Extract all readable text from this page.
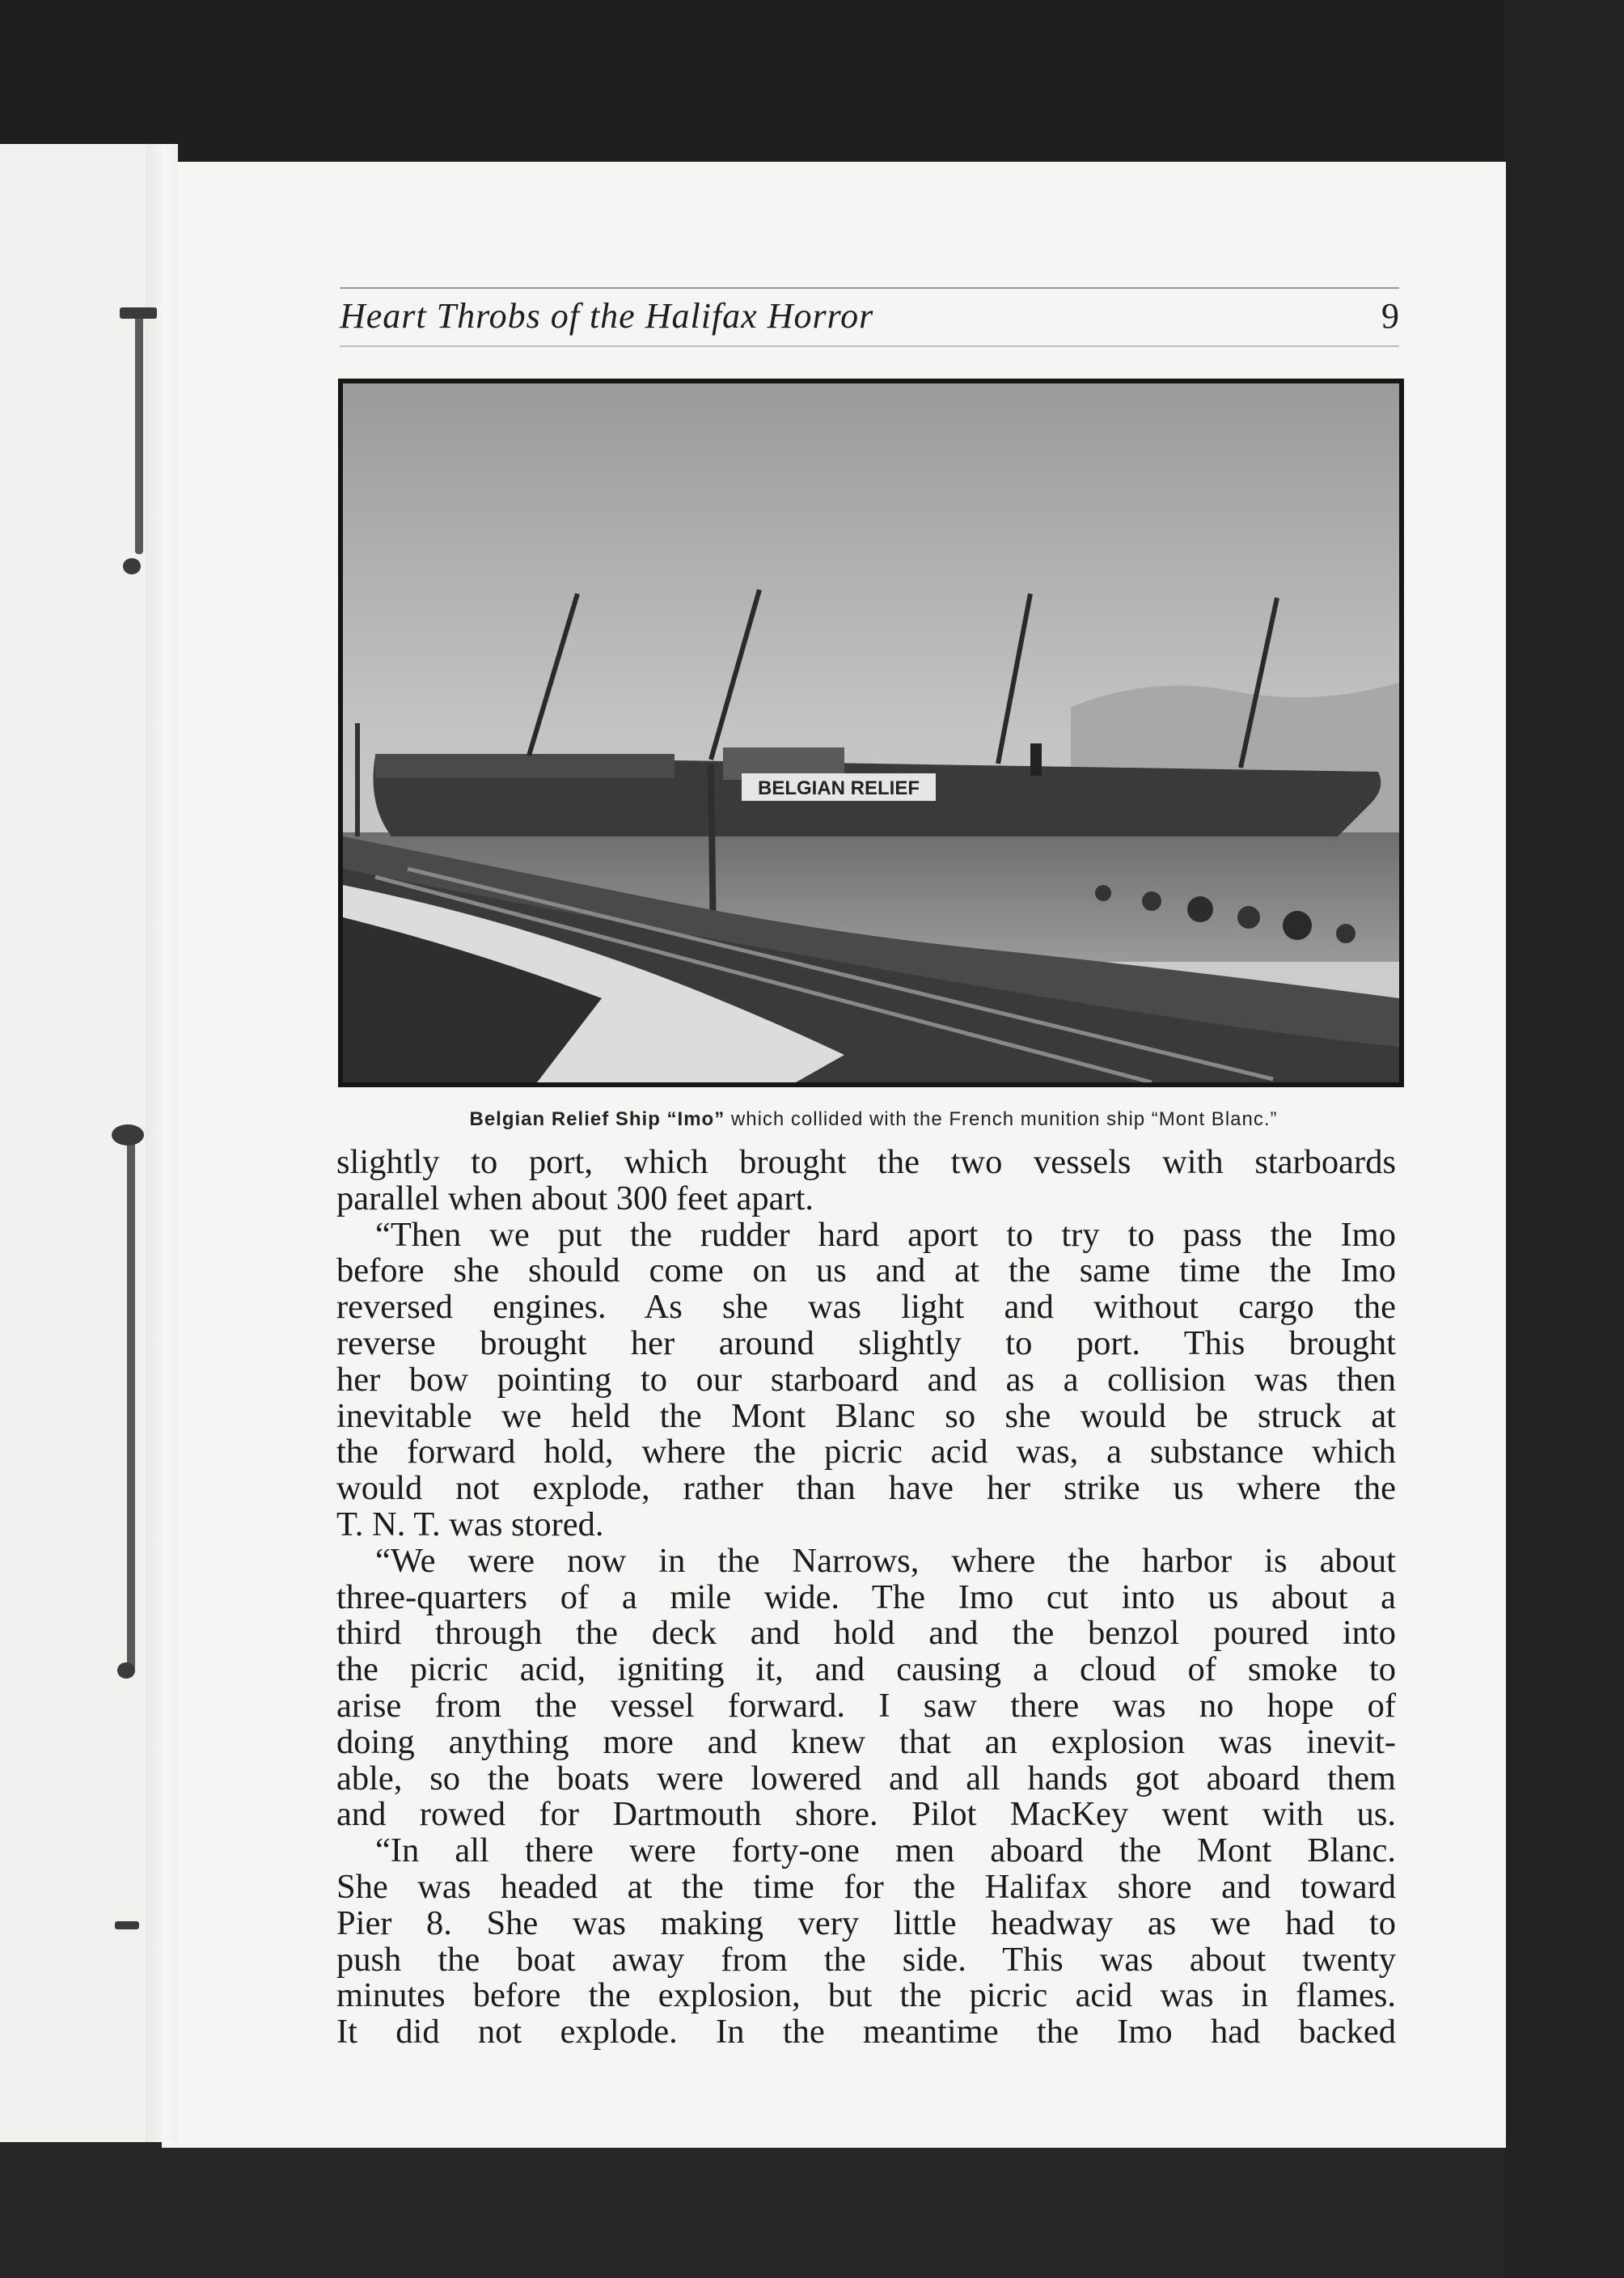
Heart Throbs of the Halifax Horror	9
BELGIAN RELIEF
Belgian Relief Ship “Imo” which collided with the French munition ship “Mont Blanc.”
slightly to port, which brought the two vessels with starboards
parallel when about 300 feet apart.
“Then we put the rudder hard aport to try to pass the Imo
before she should come on us and at the same time the Imo
reversed engines. As she was light and without cargo the
reverse brought her around slightly to port. This brought
her bow pointing to our starboard and as a collision was then
inevitable we held the Mont Blanc so she would be struck at
the forward hold, where the picric acid was, a substance which
would not explode, rather than have her strike us where the
T. N. T. was stored.
“We were now in the Narrows, where the harbor is about
three-quarters of a mile wide. The Imo cut into us about a
third through the deck and hold and the benzol poured into
the picric acid, igniting it, and causing a cloud of smoke to
arise from the vessel forward. I saw there was no hope of
doing anything more and knew that an explosion was inevit-
able, so the boats were lowered and all hands got aboard them
and rowed for Dartmouth shore. Pilot MacKey went with us.
“In all there were forty-one men aboard the Mont Blanc.
She was headed at the time for the Halifax shore and toward
Pier 8. She was making very little headway as we had to
push the boat away from the side. This was about twenty
minutes before the explosion, but the picric acid was in flames.
It did not explode. In the meantime the Imo had backed
